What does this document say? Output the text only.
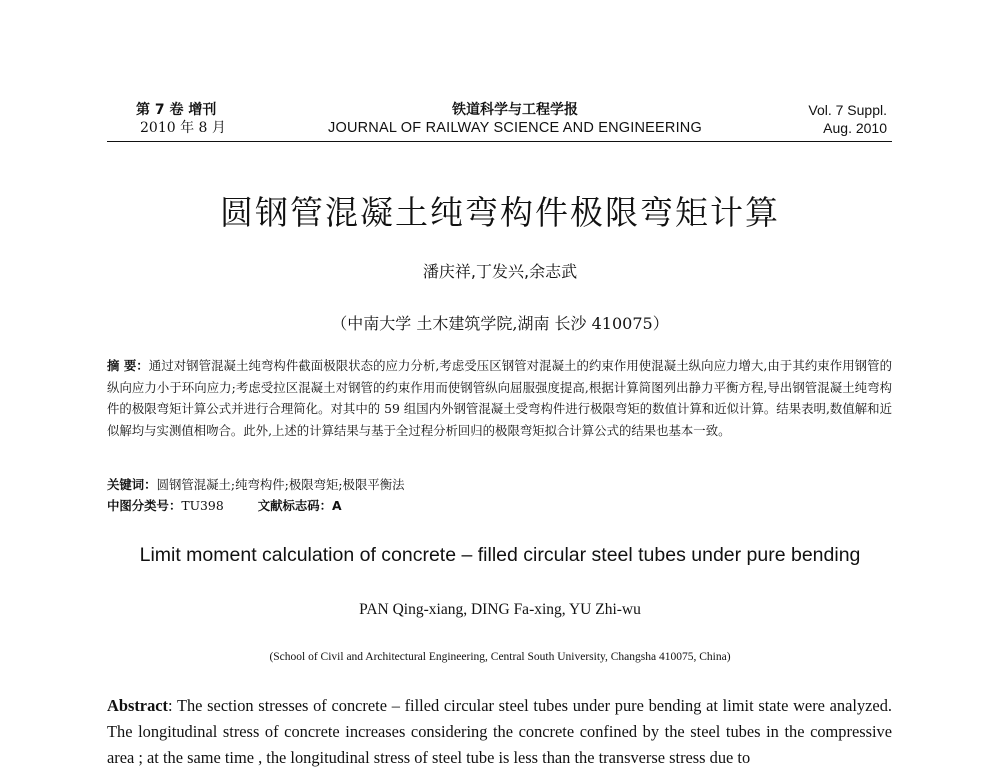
第 7 卷 增刊
2010 年 8 月
铁道科学与工程学报
JOURNAL OF RAILWAY SCIENCE AND ENGINEERING
Vol. 7 Suppl.
Aug. 2010
圆钢管混凝土纯弯构件极限弯矩计算
潘庆祥,丁发兴,余志武
（中南大学 土木建筑学院,湖南 长沙 410075）
摘 要：通过对钢管混凝土纯弯构件截面极限状态的应力分析,考虑受压区钢管对混凝土的约束作用使混凝土纵向应力增大,由于其约束作用钢管的纵向应力小于环向应力;考虑受拉区混凝土对钢管的约束作用而使钢管纵向屈服强度提高,根据计算简图列出静力平衡方程,导出钢管混凝土纯弯构件的极限弯矩计算公式并进行合理简化。对其中的 59 组国内外钢管混凝土受弯构件进行极限弯矩的数值计算和近似计算。结果表明,数值解和近似解均与实测值相吻合。此外,上述的计算结果与基于全过程分析回归的极限弯矩拟合计算公式的结果也基本一致。
关键词：圆钢管混凝土;纯弯构件;极限弯矩;极限平衡法
中图分类号：TU398	文献标志码：A
Limit moment calculation of concrete – filled circular steel tubes under pure bending
PAN Qing-xiang, DING Fa-xing, YU Zhi-wu
(School of Civil and Architectural Engineering, Central South University, Changsha 410075, China)
Abstract: The section stresses of concrete – filled circular steel tubes under pure bending at limit state were analyzed. The longitudinal stress of concrete increases considering the concrete confined by the steel tubes in the compressive area ; at the same time , the longitudinal stress of steel tube is less than the transverse stress due to
